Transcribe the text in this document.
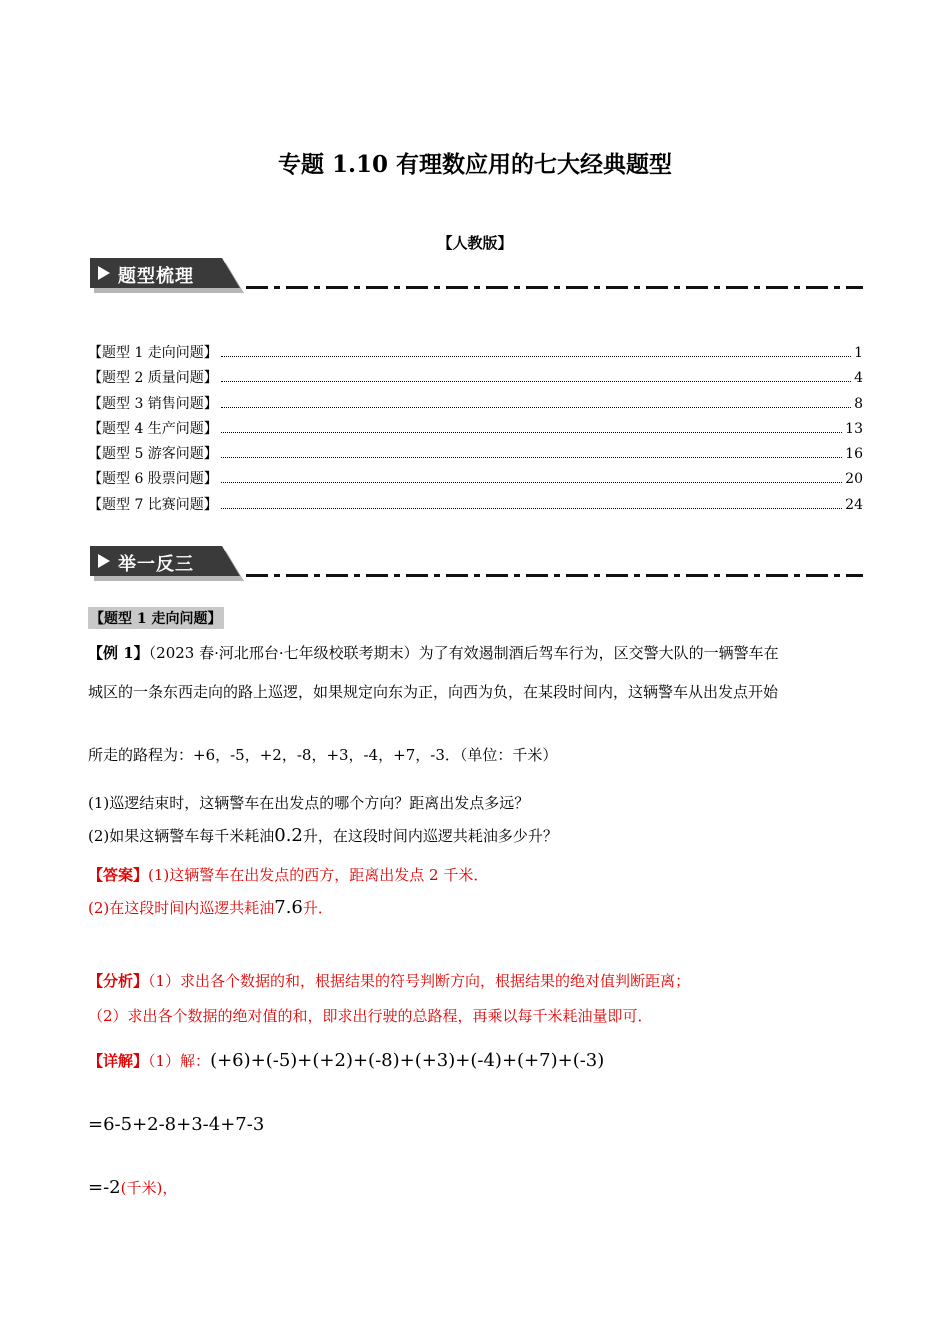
专题 1.10 有理数应用的七大经典题型
【人教版】
题型梳理
【题型 1 走向问题】	1
【题型 2 质量问题】	4
【题型 3 销售问题】	8
【题型 4 生产问题】	13
【题型 5 游客问题】	16
【题型 6 股票问题】	20
【题型 7 比赛问题】	24
举一反三
【题型 1 走向问题】
【例 1】（2023 春·河北邢台·七年级校联考期末）为了有效遏制酒后驾车行为，区交警大队的一辆警车在
城区的一条东西走向的路上巡逻，如果规定向东为正，向西为负，在某段时间内，这辆警车从出发点开始
所走的路程为：+6，-5，+2，-8，+3，-4，+7，-3．（单位：千米）
(1)巡逻结束时，这辆警车在出发点的哪个方向？距离出发点多远？
(2)如果这辆警车每千米耗油0.2升，在这段时间内巡逻共耗油多少升？
【答案】(1)这辆警车在出发点的西方，距离出发点 2 千米．
(2)在这段时间内巡逻共耗油7.6升．
【分析】（1）求出各个数据的和，根据结果的符号判断方向，根据结果的绝对值判断距离；
（2）求出各个数据的绝对值的和，即求出行驶的总路程，再乘以每千米耗油量即可．
【详解】（1）解：(+6)+(-5)+(+2)+(-8)+(+3)+(-4)+(+7)+(-3)
=6-5+2-8+3-4+7-3
=-2(千米)，
